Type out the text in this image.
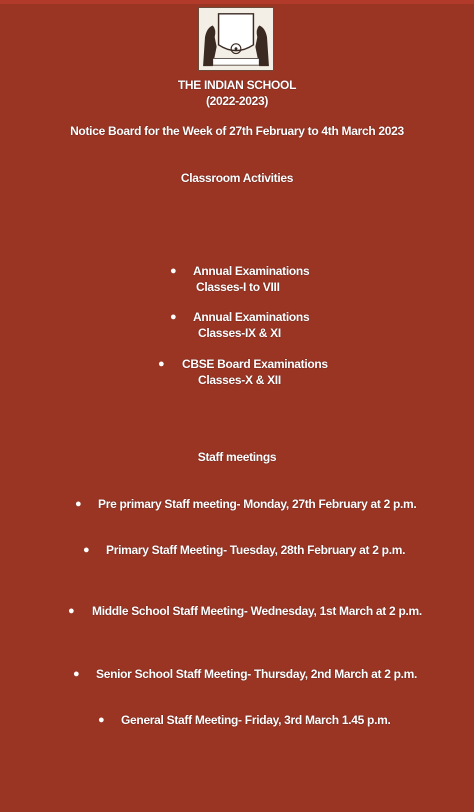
THE INDIAN SCHOOL
(2022-2023)
Notice Board for the Week of 27th February to 4th March 2023
Classroom Activities
● Annual Examinations
Classes-I to VIII
● Annual Examinations
Classes-IX & XI
● CBSE Board Examinations
Classes-X & XII
Staff meetings
● Pre primary Staff meeting- Monday, 27th February at 2 p.m.
● Primary Staff Meeting- Tuesday, 28th February at 2 p.m.
● Middle School Staff Meeting- Wednesday, 1st March at 2 p.m.
● Senior School Staff Meeting- Thursday, 2nd March at 2 p.m.
● General Staff Meeting- Friday, 3rd March 1.45 p.m.
